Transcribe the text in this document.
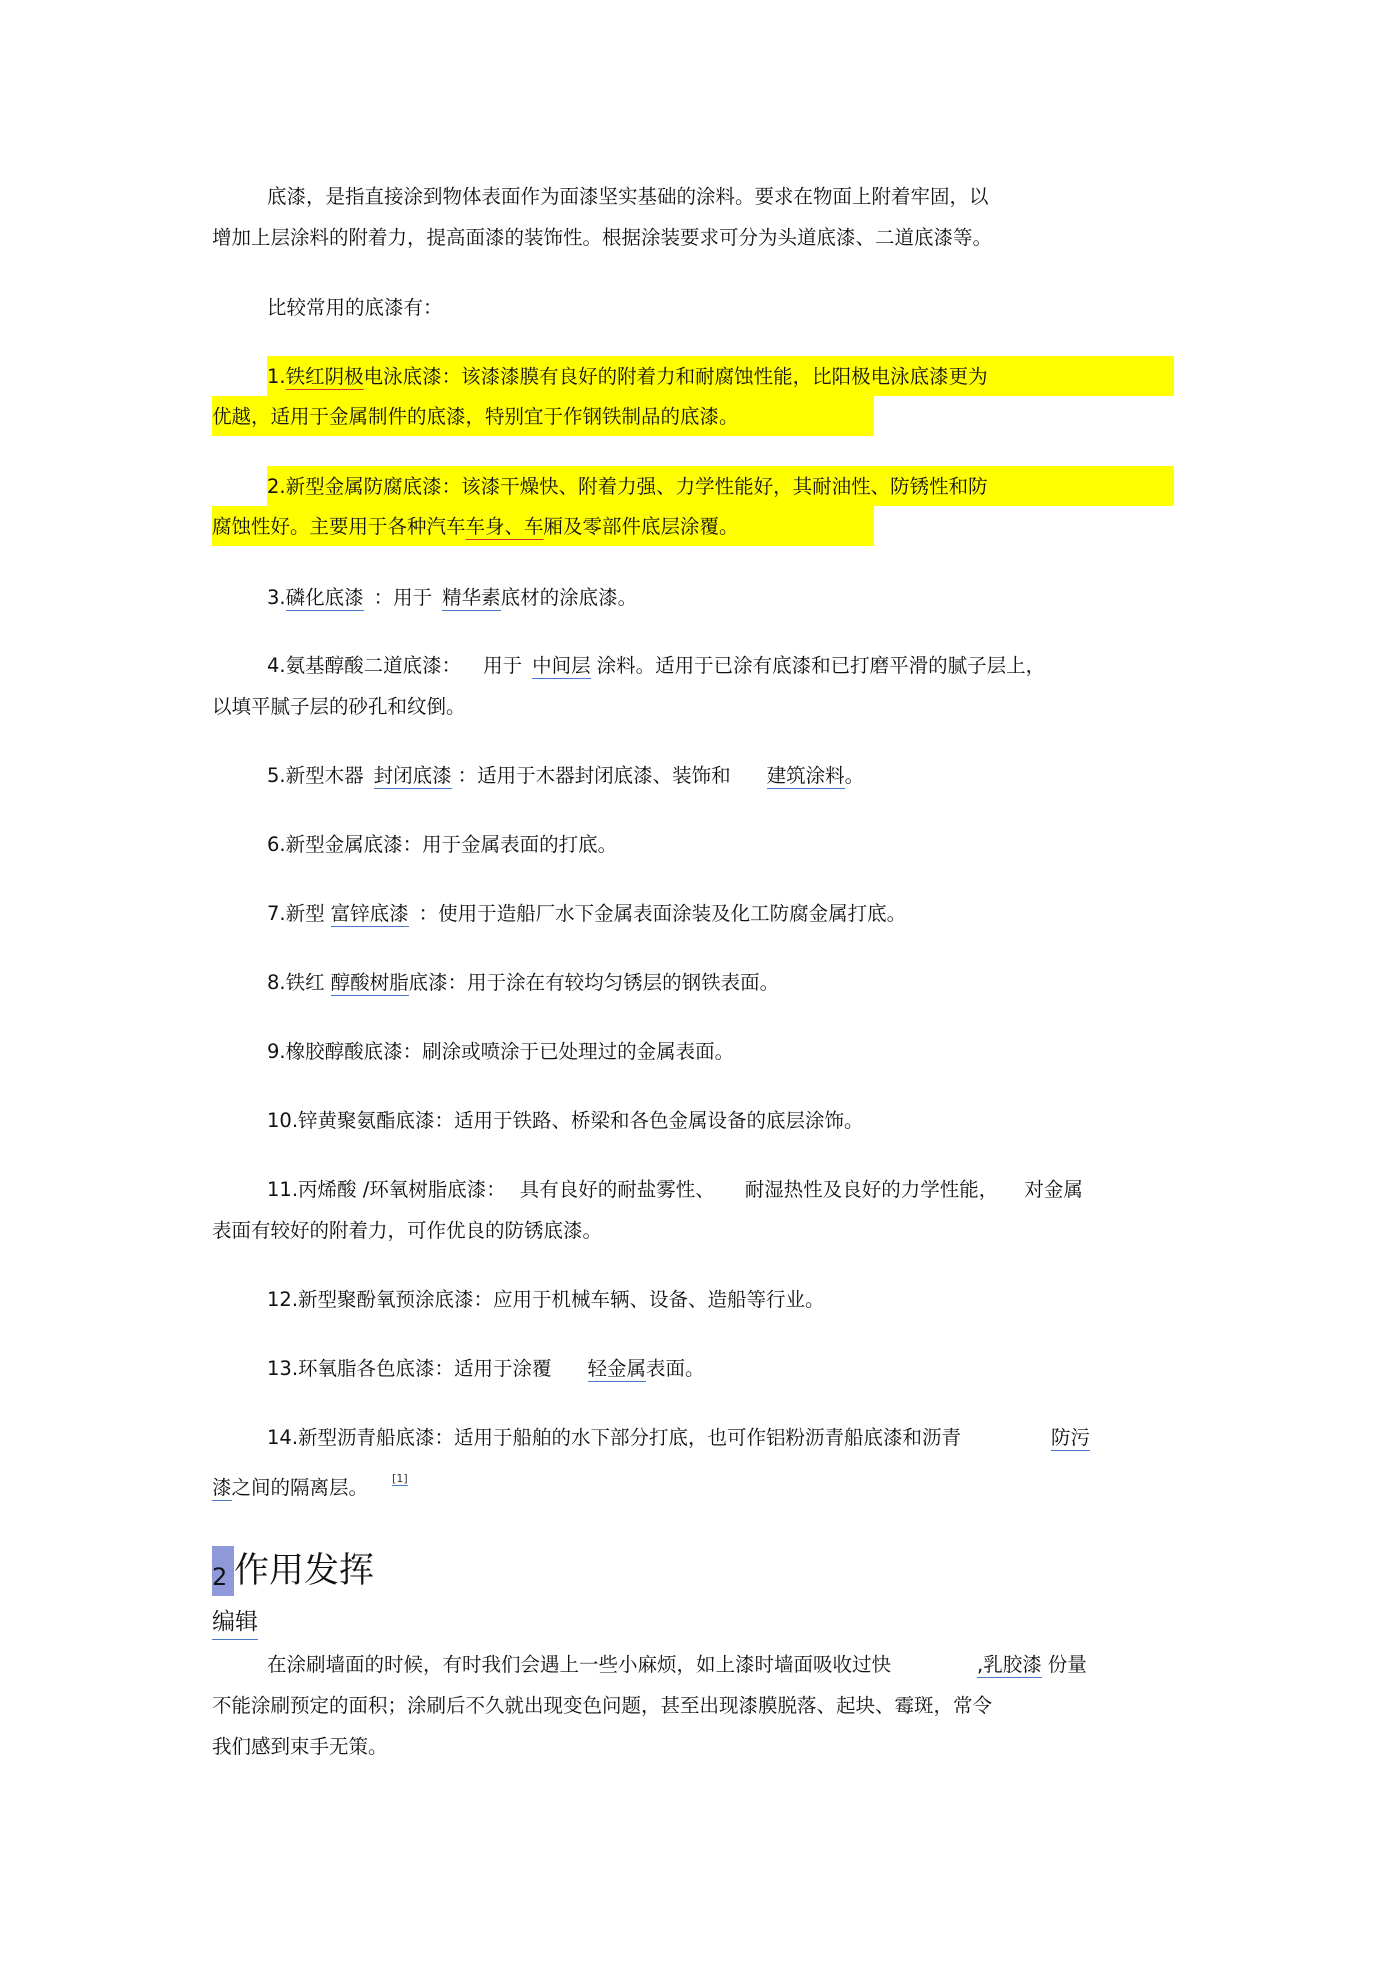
底漆，是指直接涂到物体表面作为面漆坚实基础的涂料。要求在物面上附着牢固，以
增加上层涂料的附着力，提高面漆的装饰性。根据涂装要求可分为头道底漆、二道底漆等。
比较常用的底漆有：
1.铁红阴极电泳底漆：该漆漆膜有良好的附着力和耐腐蚀性能，比阳极电泳底漆更为
优越，适用于金属制件的底漆，特别宜于作钢铁制品的底漆。
2.新型金属防腐底漆：该漆干燥快、附着力强、力学性能好，其耐油性、防锈性和防
腐蚀性好。主要用于各种汽车车身、车厢及零部件底层涂覆。
3.磷化底漆 ：用于 精华素底材的涂底漆。
4.氨基醇酸二道底漆： 用于 中间层 涂料。适用于已涂有底漆和已打磨平滑的腻子层上，
以填平腻子层的砂孔和纹倒。
5.新型木器 封闭底漆 ：适用于木器封闭底漆、装饰和 建筑涂料。
6.新型金属底漆：用于金属表面的打底。
7.新型 富锌底漆 ：使用于造船厂水下金属表面涂装及化工防腐金属打底。
8.铁红 醇酸树脂底漆：用于涂在有较均匀锈层的钢铁表面。
9.橡胶醇酸底漆：刷涂或喷涂于已处理过的金属表面。
10.锌黄聚氨酯底漆：适用于铁路、桥梁和各色金属设备的底层涂饰。
11.丙烯酸 /环氧树脂底漆： 具有良好的耐盐雾性、 耐湿热性及良好的力学性能， 对金属
表面有较好的附着力，可作优良的防锈底漆。
12.新型聚酚氧预涂底漆：应用于机械车辆、设备、造船等行业。
13.环氧脂各色底漆：适用于涂覆 轻金属表面。
14.新型沥青船底漆：适用于船舶的水下部分打底，也可作铝粉沥青船底漆和沥青	防污
漆之间的隔离层。 [1]
2 作用发挥
编辑
在涂刷墙面的时候，有时我们会遇上一些小麻烦，如上漆时墙面吸收过快	,乳胶漆 份量
不能涂刷预定的面积；涂刷后不久就出现变色问题，甚至出现漆膜脱落、起块、霉斑，常令
我们感到束手无策。
